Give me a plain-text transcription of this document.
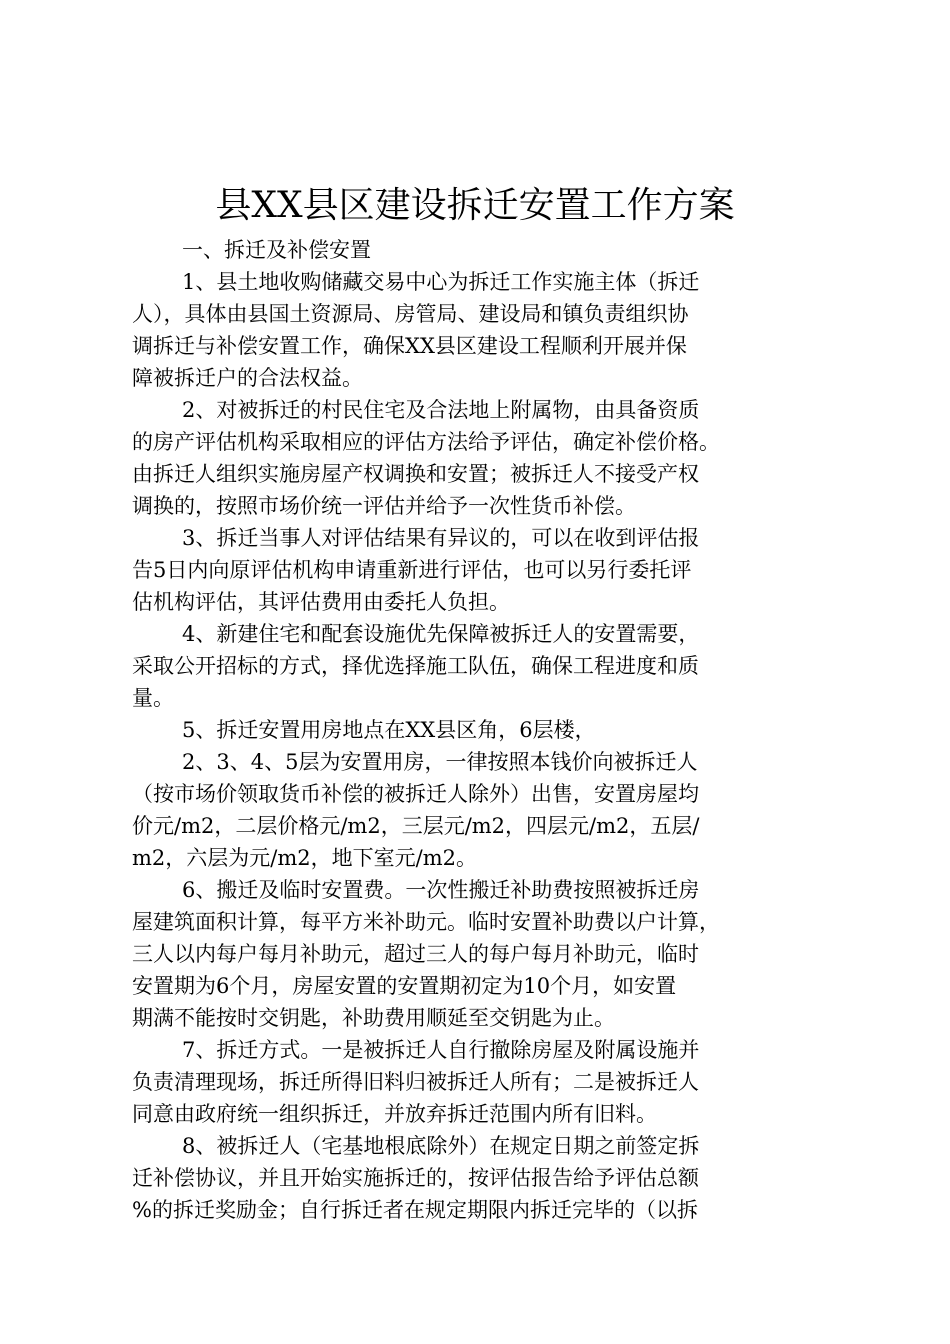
县XX县区建设拆迁安置工作方案
一、拆迁及补偿安置
1、县土地收购储藏交易中心为拆迁工作实施主体（拆迁
人），具体由县国土资源局、房管局、建设局和镇负责组织协
调拆迁与补偿安置工作，确保XX县区建设工程顺利开展并保
障被拆迁户的合法权益。
2、对被拆迁的村民住宅及合法地上附属物，由具备资质
的房产评估机构采取相应的评估方法给予评估，确定补偿价格。
由拆迁人组织实施房屋产权调换和安置；被拆迁人不接受产权
调换的，按照市场价统一评估并给予一次性货币补偿。
3、拆迁当事人对评估结果有异议的，可以在收到评估报
告5日内向原评估机构申请重新进行评估，也可以另行委托评
估机构评估，其评估费用由委托人负担。
4、新建住宅和配套设施优先保障被拆迁人的安置需要，
采取公开招标的方式，择优选择施工队伍，确保工程进度和质
量。
5、拆迁安置用房地点在XX县区角，6层楼，
2、3、4、5层为安置用房，一律按照本钱价向被拆迁人
（按市场价领取货币补偿的被拆迁人除外）出售，安置房屋均
价元/m2，二层价格元/m2，三层元/m2，四层元/m2，五层/
m2，六层为元/m2，地下室元/m2。
6、搬迁及临时安置费。一次性搬迁补助费按照被拆迁房
屋建筑面积计算，每平方米补助元。临时安置补助费以户计算，
三人以内每户每月补助元，超过三人的每户每月补助元，临时
安置期为6个月，房屋安置的安置期初定为10个月，如安置
期满不能按时交钥匙，补助费用顺延至交钥匙为止。
7、拆迁方式。一是被拆迁人自行撤除房屋及附属设施并
负责清理现场，拆迁所得旧料归被拆迁人所有；二是被拆迁人
同意由政府统一组织拆迁，并放弃拆迁范围内所有旧料。
8、被拆迁人（宅基地根底除外）在规定日期之前签定拆
迁补偿协议，并且开始实施拆迁的，按评估报告给予评估总额
%的拆迁奖励金；自行拆迁者在规定期限内拆迁完毕的（以拆
